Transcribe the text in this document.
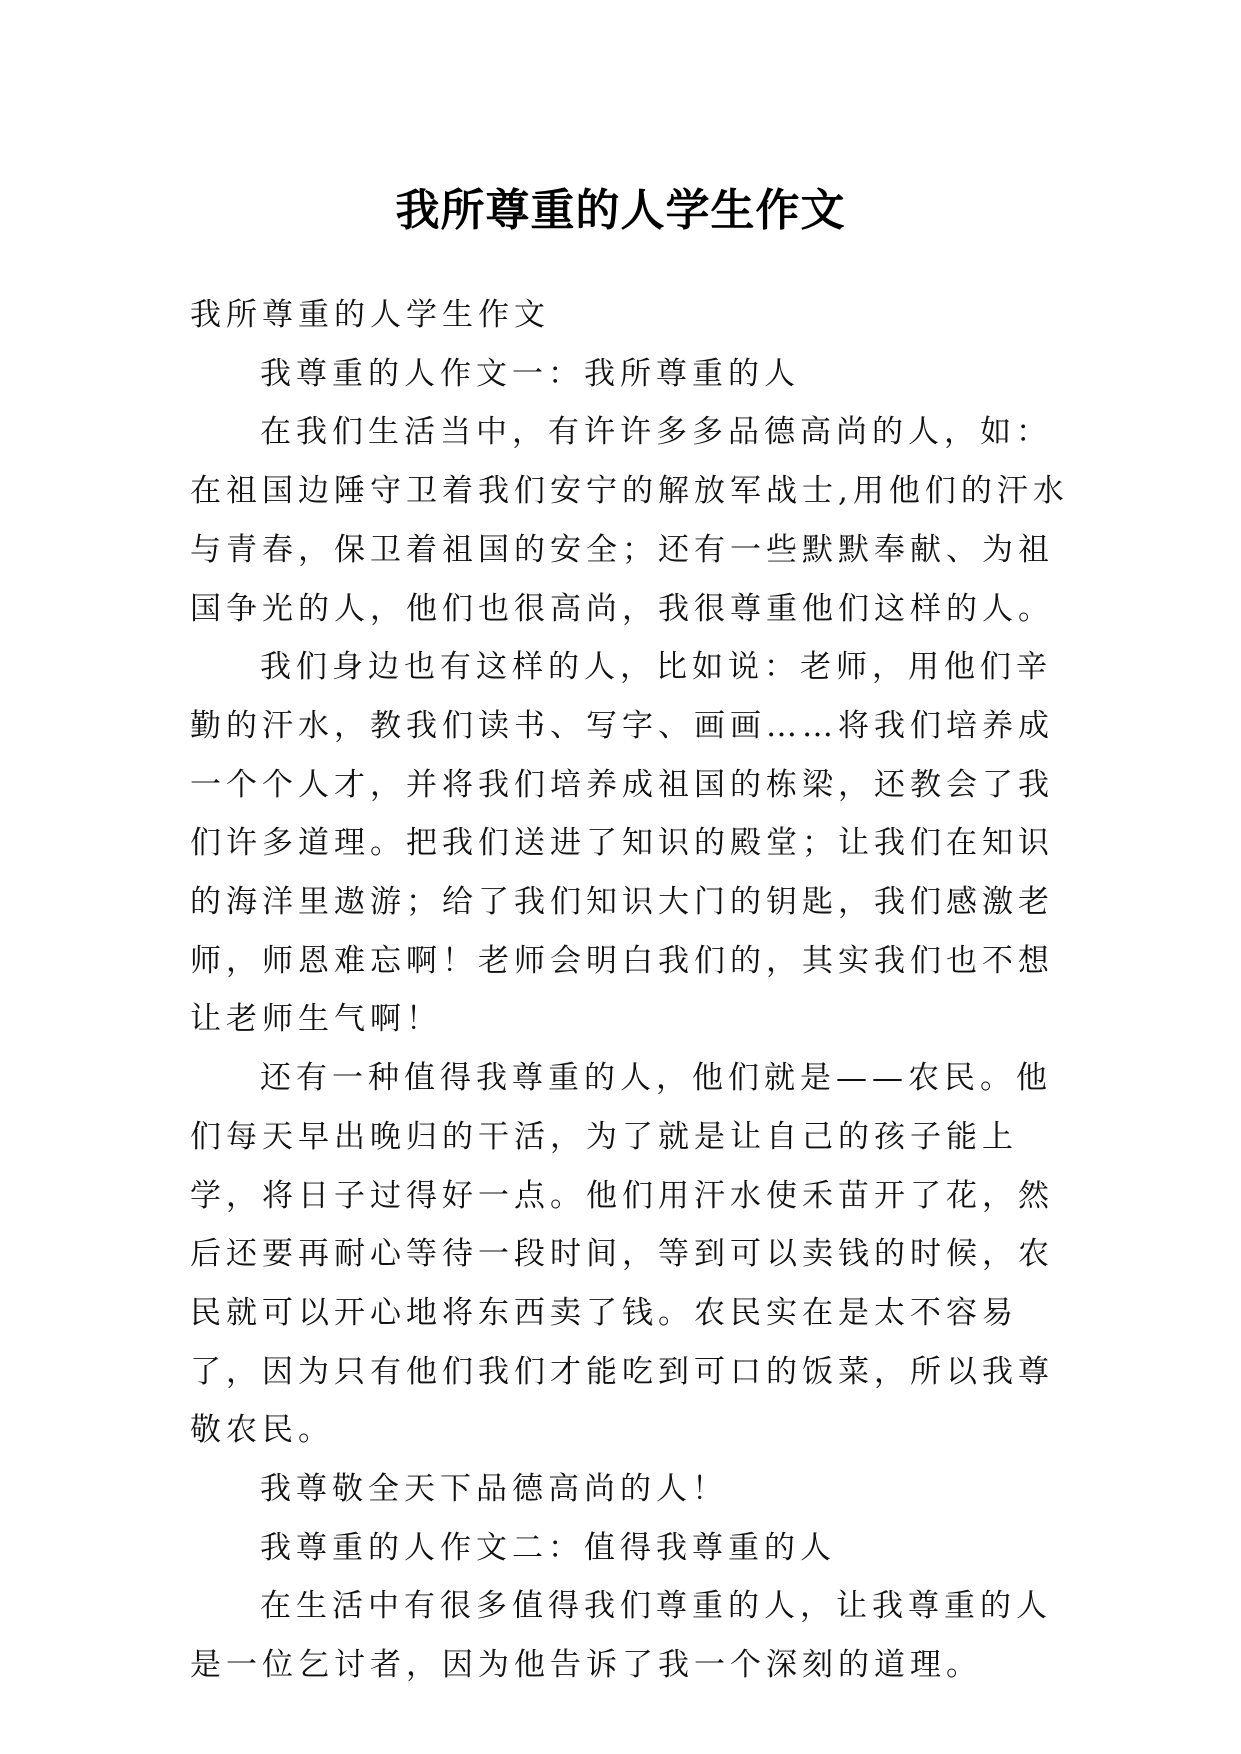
我所尊重的人学生作文

我所尊重的人学生作文

我尊重的人作文一：我所尊重的人

在我们生活当中，有许许多多品德高尚的人，如：在祖国边陲守卫着我们安宁的解放军战士,用他们的汗水与青春，保卫着祖国的安全；还有一些默默奉献、为祖国争光的人，他们也很高尚，我很尊重他们这样的人。

我们身边也有这样的人，比如说：老师，用他们辛勤的汗水，教我们读书、写字、画画……将我们培养成一个个人才，并将我们培养成祖国的栋梁，还教会了我们许多道理。把我们送进了知识的殿堂；让我们在知识的海洋里遨游；给了我们知识大门的钥匙，我们感激老师，师恩难忘啊！老师会明白我们的，其实我们也不想让老师生气啊！

还有一种值得我尊重的人，他们就是——农民。他们每天早出晚归的干活，为了就是让自己的孩子能上学，将日子过得好一点。他们用汗水使禾苗开了花，然后还要再耐心等待一段时间，等到可以卖钱的时候，农民就可以开心地将东西卖了钱。农民实在是太不容易了，因为只有他们我们才能吃到可口的饭菜，所以我尊敬农民。

我尊敬全天下品德高尚的人！

我尊重的人作文二：值得我尊重的人

在生活中有很多值得我们尊重的人，让我尊重的人是一位乞讨者，因为他告诉了我一个深刻的道理。
